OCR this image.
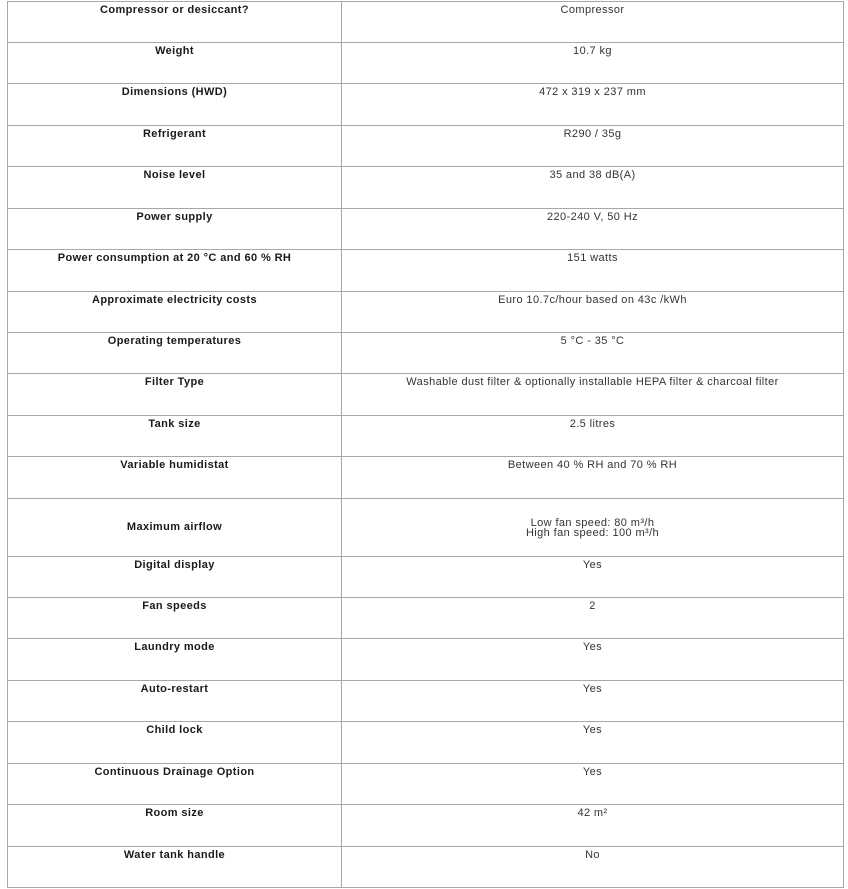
Compressor or desiccant?	Compressor
Weight	10.7 kg
Dimensions (HWD)	472 x 319 x 237 mm
Refrigerant	R290 / 35g
Noise level	35 and 38 dB(A)
Power supply	220-240 V, 50 Hz
Power consumption at 20 °C and 60 % RH	151 watts
Approximate electricity costs	Euro 10.7c/hour based on 43c /kWh
Operating temperatures	5 °C - 35 °C
Filter Type	Washable dust filter & optionally installable HEPA filter & charcoal filter
Tank size	2.5 litres
Variable humidistat	Between 40 % RH and 70 % RH
Maximum airflow	Low fan speed: 80 m³/h
High fan speed: 100 m³/h

Digital display	Yes
Fan speeds	2
Laundry mode	Yes
Auto-restart	Yes
Child lock	Yes
Continuous Drainage Option	Yes
Room size	42 m²
Water tank handle	No
